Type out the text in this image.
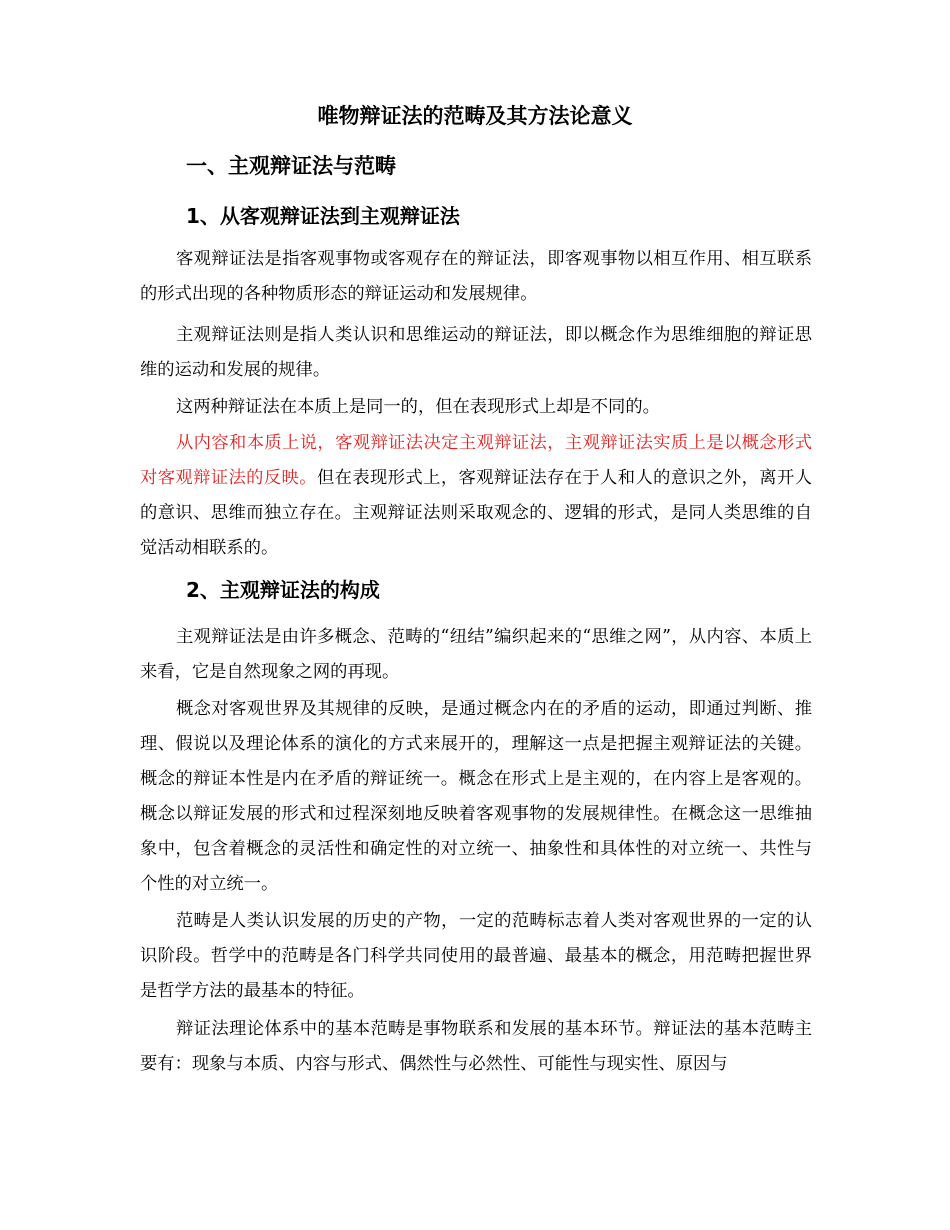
唯物辩证法的范畴及其方法论意义
一、主观辩证法与范畴
1、从客观辩证法到主观辩证法

客观辩证法是指客观事物或客观存在的辩证法，即客观事物以相互作用、相互联系的形式出现的各种物质形态的辩证运动和发展规律。

主观辩证法则是指人类认识和思维运动的辩证法，即以概念作为思维细胞的辩证思维的运动和发展的规律。

这两种辩证法在本质上是同一的，但在表现形式上却是不同的。

从内容和本质上说，客观辩证法决定主观辩证法，主观辩证法实质上是以概念形式对客观辩证法的反映。但在表现形式上，客观辩证法存在于人和人的意识之外，离开人的意识、思维而独立存在。主观辩证法则采取观念的、逻辑的形式，是同人类思维的自觉活动相联系的。

2、主观辩证法的构成

主观辩证法是由许多概念、范畴的“纽结”编织起来的“思维之网”，从内容、本质上来看，它是自然现象之网的再现。

概念对客观世界及其规律的反映，是通过概念内在的矛盾的运动，即通过判断、推理、假说以及理论体系的演化的方式来展开的，理解这一点是把握主观辩证法的关键。概念的辩证本性是内在矛盾的辩证统一。概念在形式上是主观的，在内容上是客观的。概念以辩证发展的形式和过程深刻地反映着客观事物的发展规律性。在概念这一思维抽象中，包含着概念的灵活性和确定性的对立统一、抽象性和具体性的对立统一、共性与个性的对立统一。

范畴是人类认识发展的历史的产物，一定的范畴标志着人类对客观世界的一定的认识阶段。哲学中的范畴是各门科学共同使用的最普遍、最基本的概念，用范畴把握世界是哲学方法的最基本的特征。

辩证法理论体系中的基本范畴是事物联系和发展的基本环节。辩证法的基本范畴主要有：现象与本质、内容与形式、偶然性与必然性、可能性与现实性、原因与
